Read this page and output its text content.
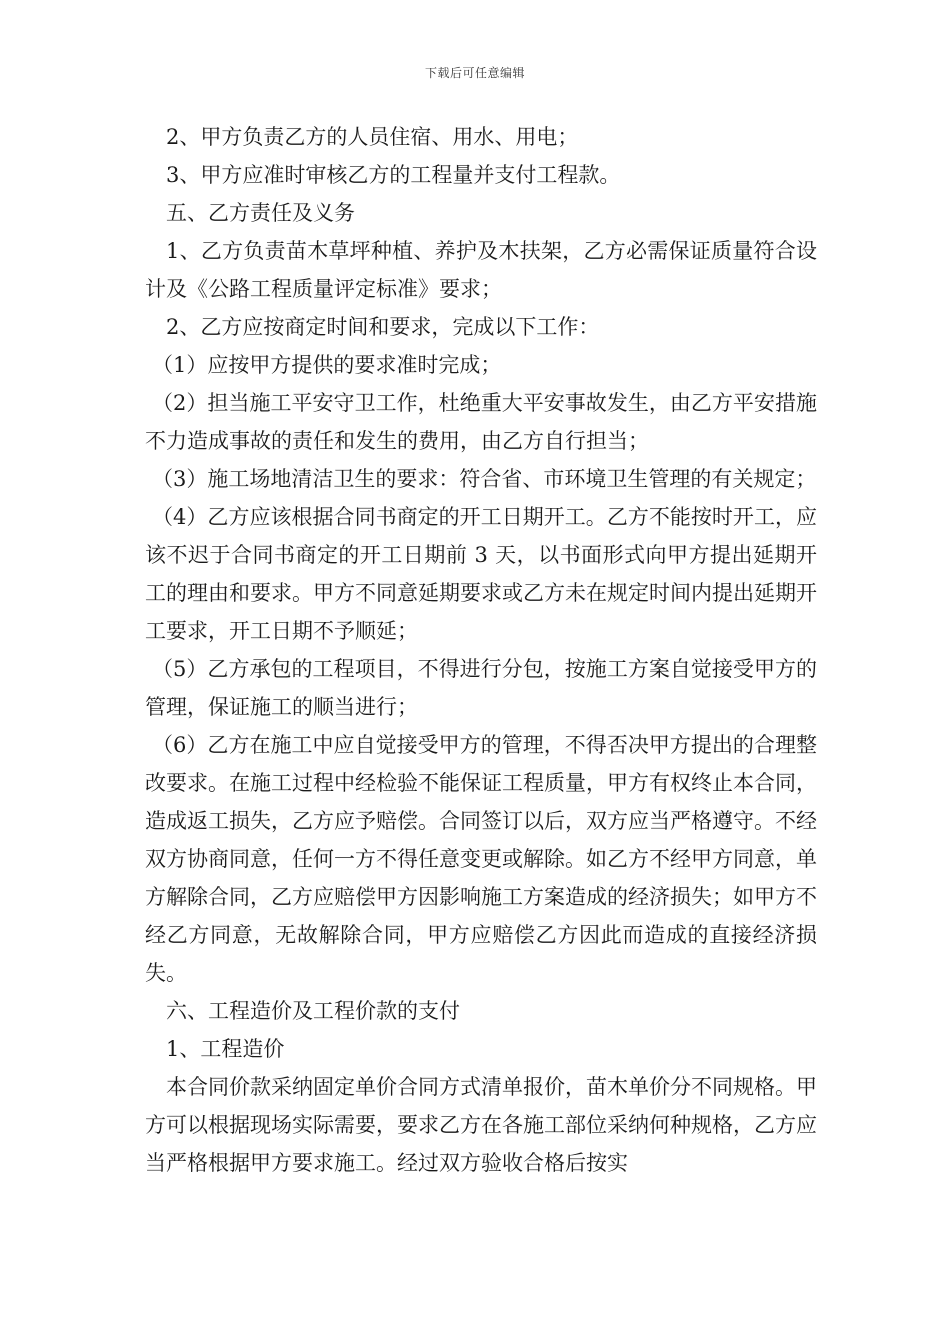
下载后可任意编辑

2、甲方负责乙方的人员住宿、用水、用电；

3、甲方应准时审核乙方的工程量并支付工程款。

五、乙方责任及义务

1、乙方负责苗木草坪种植、养护及木扶架，乙方必需保证质量符合设计及《公路工程质量评定标准》要求；

2、乙方应按商定时间和要求，完成以下工作：

（1）应按甲方提供的要求准时完成；

（2）担当施工平安守卫工作，杜绝重大平安事故发生，由乙方平安措施不力造成事故的责任和发生的费用，由乙方自行担当；

（3）施工场地清洁卫生的要求：符合省、市环境卫生管理的有关规定；

（4）乙方应该根据合同书商定的开工日期开工。乙方不能按时开工，应该不迟于合同书商定的开工日期前 3 天，以书面形式向甲方提出延期开工的理由和要求。甲方不同意延期要求或乙方未在规定时间内提出延期开工要求，开工日期不予顺延；

（5）乙方承包的工程项目，不得进行分包，按施工方案自觉接受甲方的管理，保证施工的顺当进行；

（6）乙方在施工中应自觉接受甲方的管理，不得否决甲方提出的合理整改要求。在施工过程中经检验不能保证工程质量，甲方有权终止本合同，造成返工损失，乙方应予赔偿。合同签订以后，双方应当严格遵守。不经双方协商同意，任何一方不得任意变更或解除。如乙方不经甲方同意，单方解除合同，乙方应赔偿甲方因影响施工方案造成的经济损失；如甲方不经乙方同意，无故解除合同，甲方应赔偿乙方因此而造成的直接经济损失。

六、工程造价及工程价款的支付

1、工程造价

本合同价款采纳固定单价合同方式清单报价，苗木单价分不同规格。甲方可以根据现场实际需要，要求乙方在各施工部位采纳何种规格，乙方应当严格根据甲方要求施工。经过双方验收合格后按实
